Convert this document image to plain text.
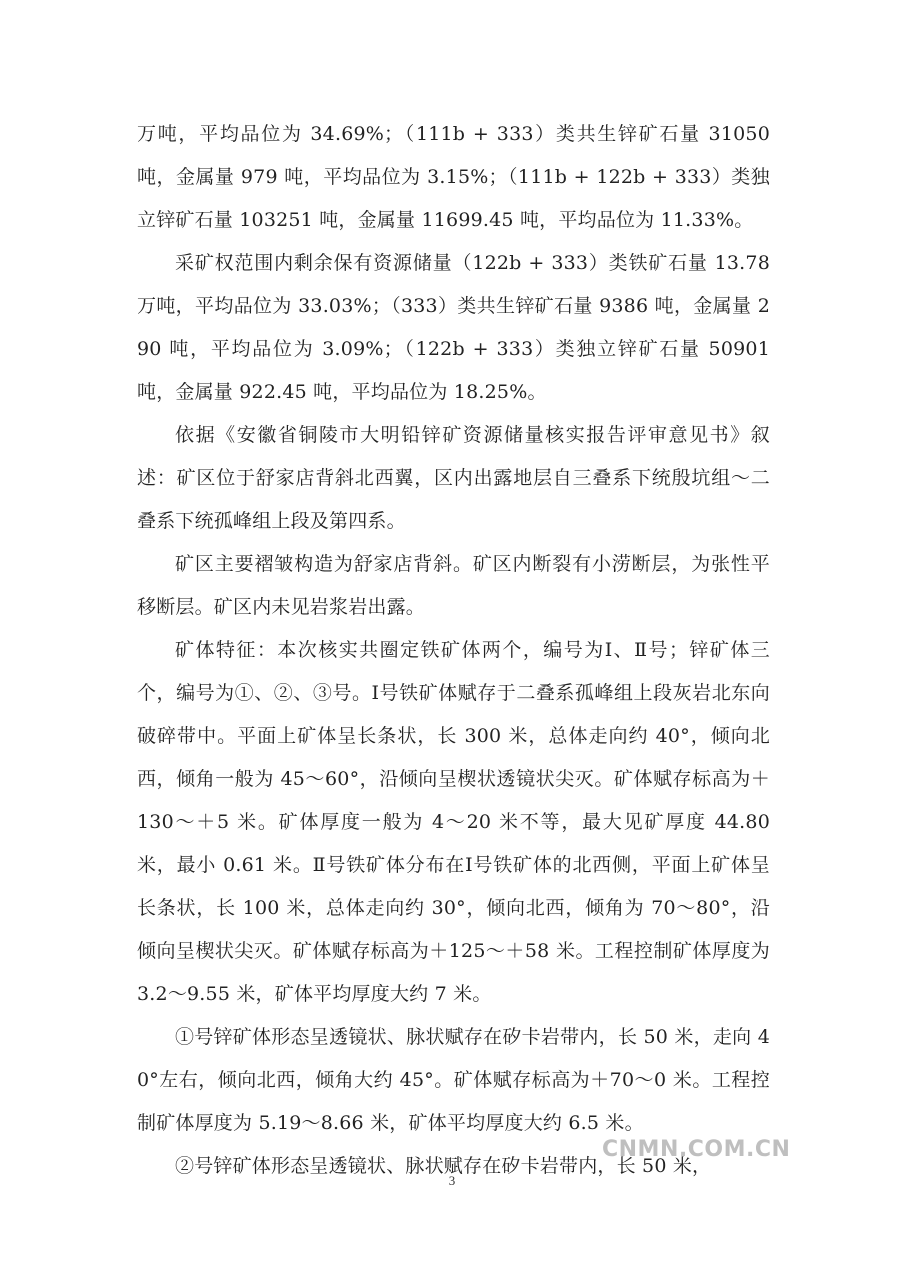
万吨，平均品位为 34.69%；（111b + 333）类共生锌矿石量 31050 吨，金属量 979 吨，平均品位为 3.15%；（111b + 122b + 333）类独立锌矿石量 103251 吨，金属量 11699.45 吨，平均品位为 11.33%。

采矿权范围内剩余保有资源储量（122b + 333）类铁矿石量 13.78 万吨，平均品位为 33.03%；（333）类共生锌矿石量 9386 吨，金属量 290 吨，平均品位为 3.09%；（122b + 333）类独立锌矿石量 50901 吨，金属量 922.45 吨，平均品位为 18.25%。

依据《安徽省铜陵市大明铅锌矿资源储量核实报告评审意见书》叙述：矿区位于舒家店背斜北西翼，区内出露地层自三叠系下统殷坑组～二叠系下统孤峰组上段及第四系。

矿区主要褶皱构造为舒家店背斜。矿区内断裂有小涝断层，为张性平移断层。矿区内未见岩浆岩出露。

矿体特征：本次核实共圈定铁矿体两个，编号为Ⅰ、Ⅱ号；锌矿体三个，编号为①、②、③号。Ⅰ号铁矿体赋存于二叠系孤峰组上段灰岩北东向破碎带中。平面上矿体呈长条状，长 300 米，总体走向约 40°，倾向北西，倾角一般为 45～60°，沿倾向呈楔状透镜状尖灭。矿体赋存标高为＋130～＋5 米。矿体厚度一般为 4～20 米不等，最大见矿厚度 44.80 米，最小 0.61 米。Ⅱ号铁矿体分布在Ⅰ号铁矿体的北西侧，平面上矿体呈长条状，长 100 米，总体走向约 30°，倾向北西，倾角为 70～80°，沿倾向呈楔状尖灭。矿体赋存标高为＋125～＋58 米。工程控制矿体厚度为 3.2～9.55 米，矿体平均厚度大约 7 米。

①号锌矿体形态呈透镜状、脉状赋存在矽卡岩带内，长 50 米，走向 40°左右，倾向北西，倾角大约 45°。矿体赋存标高为＋70～0 米。工程控制矿体厚度为 5.19～8.66 米，矿体平均厚度大约 6.5 米。

②号锌矿体形态呈透镜状、脉状赋存在矽卡岩带内，长 50 米，

CNMN.COM.CN
3
